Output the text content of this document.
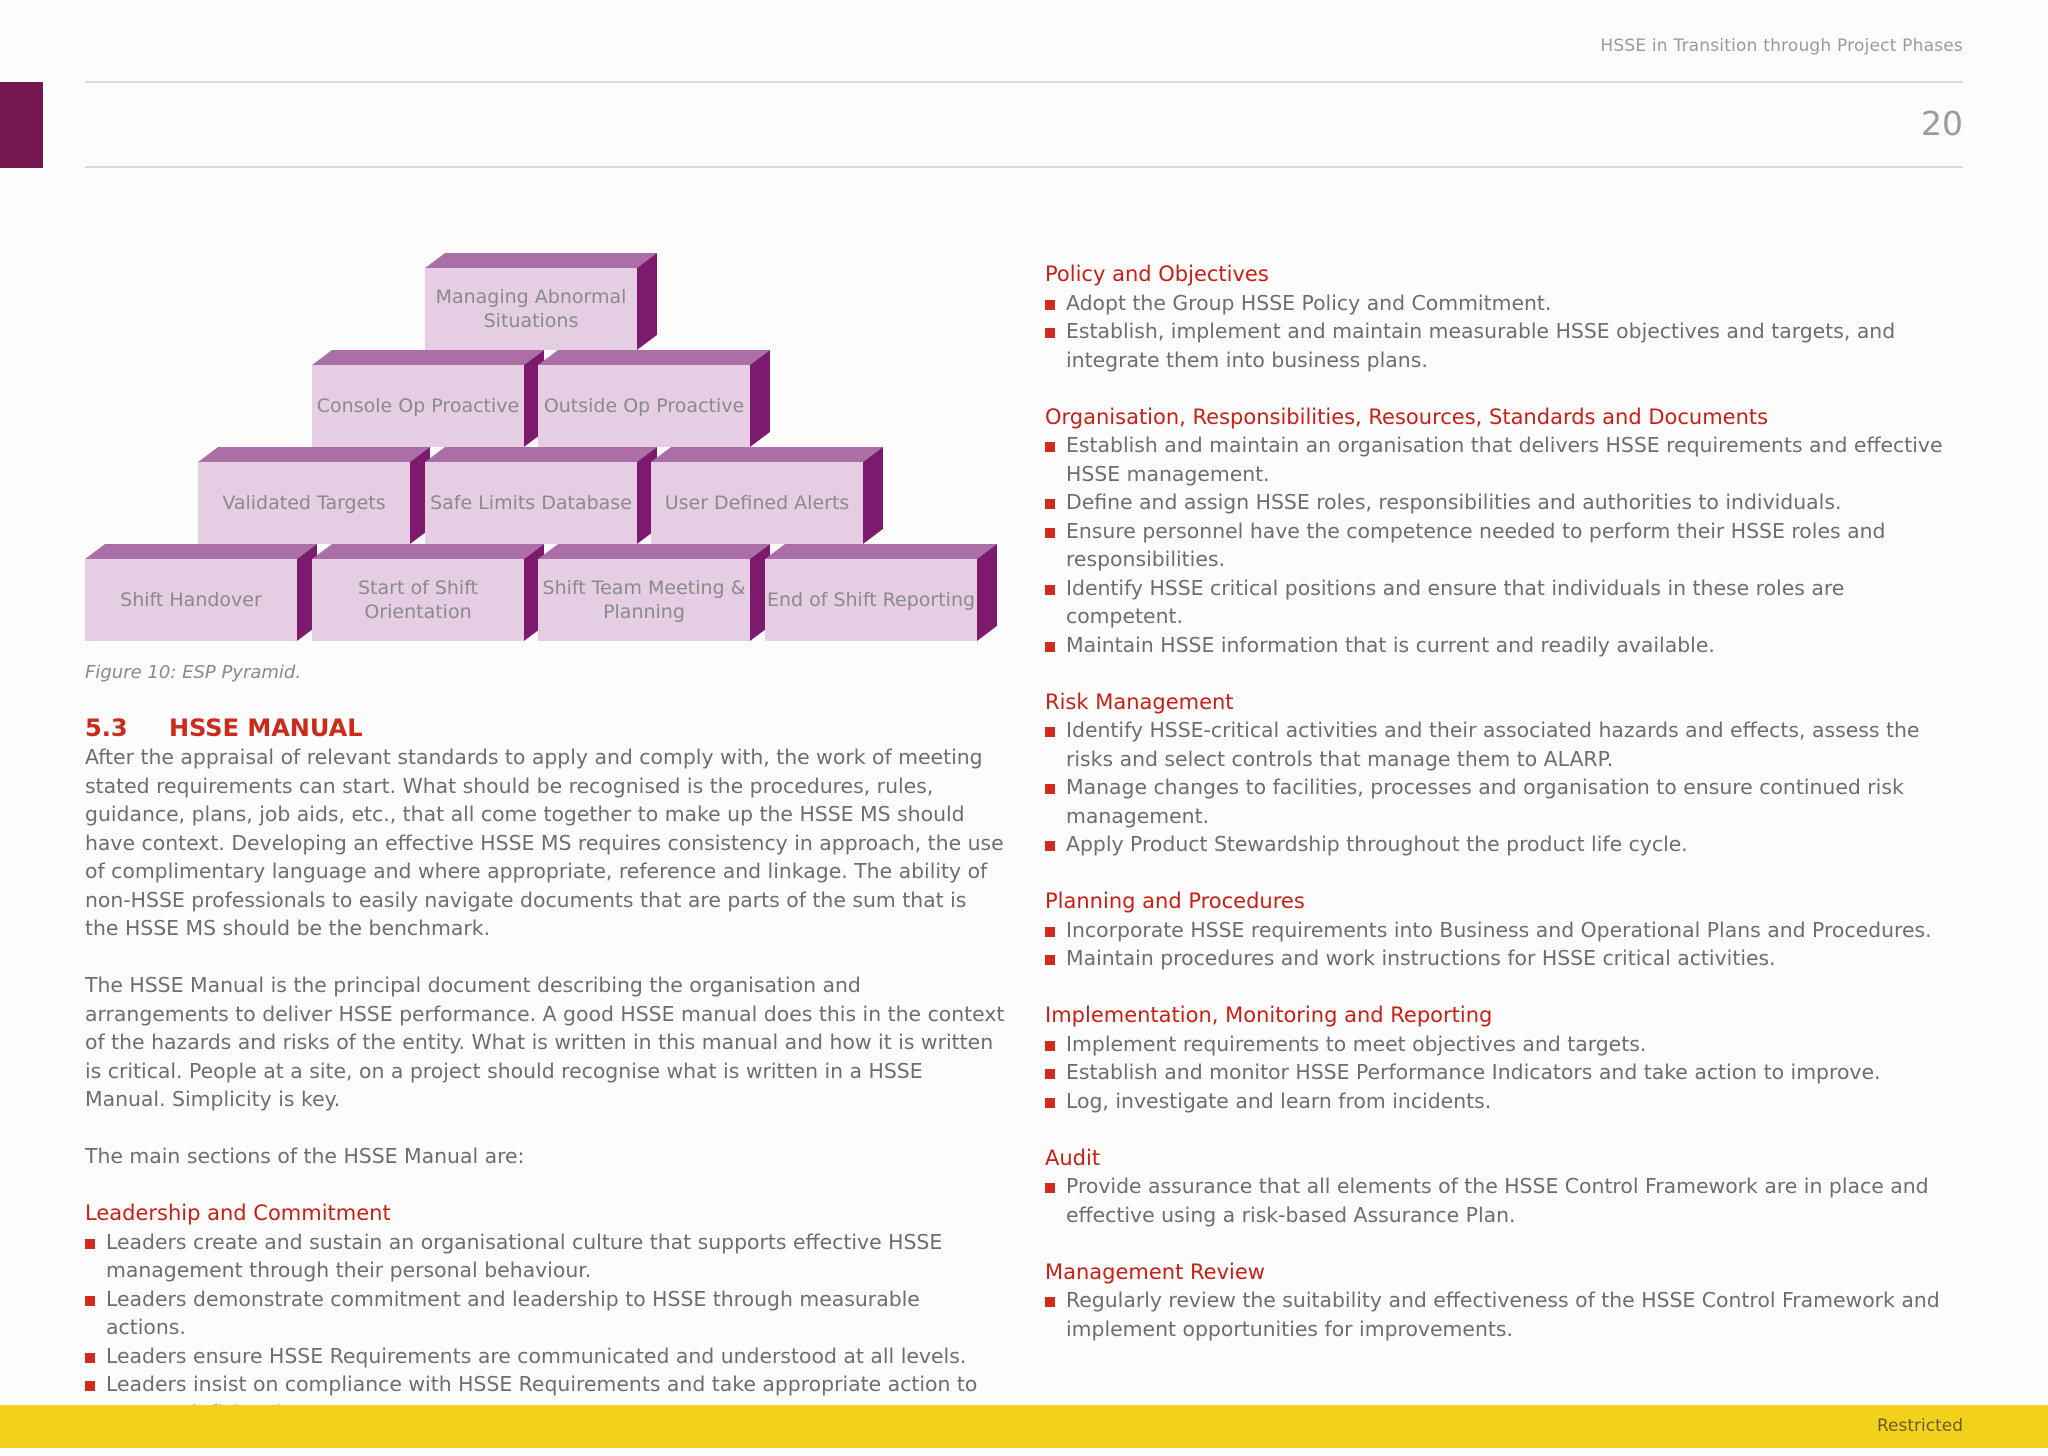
HSSE in Transition through Project Phases
20
Managing Abnormal Situations
Console Op Proactive	Outside Op Proactive
Validated Targets	Safe Limits Database	User Defined Alerts
Shift Handover
Start of Shift Orientation
Shift Team Meeting & Planning
End of Shift Reporting
Figure 10: ESP Pyramid.
5.3	HSSE MANUAL

After the appraisal of relevant standards to apply and comply with, the work of meeting stated requirements can start. What should be recognised is the procedures, rules, guidance, plans, job aids, etc., that all come together to make up the HSSE MS should have context. Developing an effective HSSE MS requires consistency in approach, the use of complimentary language and where appropriate, reference and linkage. The ability of non-HSSE professionals to easily navigate documents that are parts of the sum that is the HSSE MS should be the benchmark.

The HSSE Manual is the principal document describing the organisation and arrangements to deliver HSSE performance. A good HSSE manual does this in the context of the hazards and risks of the entity. What is written in this manual and how it is written is critical. People at a site, on a project should recognise what is written in a HSSE Manual. Simplicity is key.

The main sections of the HSSE Manual are:

Leadership and Commitment
Leaders create and sustain an organisational culture that supports effective HSSE management through their personal behaviour.
Leaders demonstrate commitment and leadership to HSSE through measurable actions.
Leaders ensure HSSE Requirements are communicated and understood at all levels.
Leaders insist on compliance with HSSE Requirements and take appropriate action to
Policy and Objectives
Adopt the Group HSSE Policy and Commitment.
Establish, implement and maintain measurable HSSE objectives and targets, and integrate them into business plans.
Organisation, Responsibilities, Resources, Standards and Documents
Establish and maintain an organisation that delivers HSSE requirements and effective HSSE management.
Define and assign HSSE roles, responsibilities and authorities to individuals.
Ensure personnel have the competence needed to perform their HSSE roles and responsibilities.
Identify HSSE critical positions and ensure that individuals in these roles are competent.
Maintain HSSE information that is current and readily available.
Risk Management
Identify HSSE-critical activities and their associated hazards and effects, assess the risks and select controls that manage them to ALARP.
Manage changes to facilities, processes and organisation to ensure continued risk management.
Apply Product Stewardship throughout the product life cycle.
Planning and Procedures
Incorporate HSSE requirements into Business and Operational Plans and Procedures.
Maintain procedures and work instructions for HSSE critical activities.
Implementation, Monitoring and Reporting
Implement requirements to meet objectives and targets.
Establish and monitor HSSE Performance Indicators and take action to improve.
Log, investigate and learn from incidents.
Audit
Provide assurance that all elements of the HSSE Control Framework are in place and effective using a risk-based Assurance Plan.
Management Review
Regularly review the suitability and effectiveness of the HSSE Control Framework and implement opportunities for improvements.
Restricted
